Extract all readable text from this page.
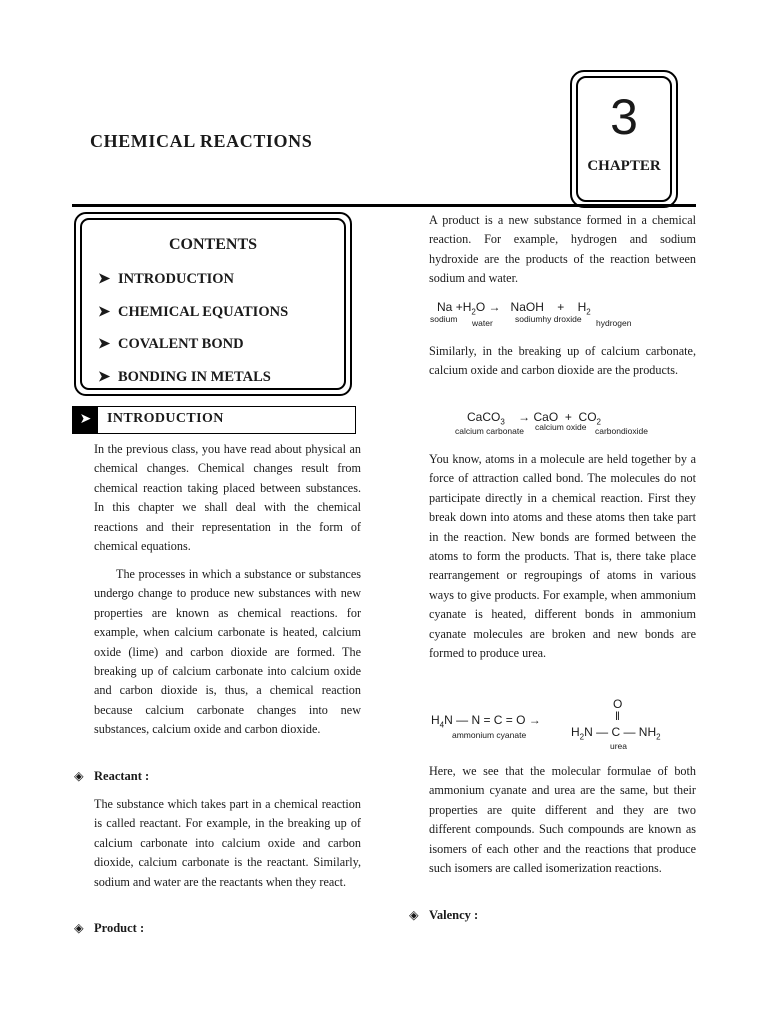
CHEMICAL REACTIONS	3
CHAPTER
CONTENTS
➤ INTRODUCTION
➤ CHEMICAL EQUATIONS
➤ COVALENT BOND
➤ BONDING IN METALS
➤	INTRODUCTION
In the previous class, you have read about physical an chemical changes. Chemical changes result from chemical reaction taking placed between substances. In this chapter we shall deal with the chemical reactions and their representation in the form of chemical equations.
The processes in which a substance or substances undergo change to produce new substances with new properties are known as chemical reactions. for example, when calcium carbonate is heated, calcium oxide (lime) and carbon dioxide are formed. The breaking up of calcium carbonate into calcium oxide and carbon dioxide is, thus, a chemical reaction because calcium carbonate changes into new substances, calcium oxide and carbon dioxide.
◈ Reactant :
The substance which takes part in a chemical reaction is called reactant. For example, in the breaking up of calcium carbonate into calcium oxide and carbon dioxide, calcium carbonate is the reactant. Similarly, sodium and water are the reactants when they react.
◈ Product :
A product is a new substance formed in a chemical reaction. For example, hydrogen and sodium hydroxide are the products of the reaction between sodium and water.
$Na +H_2O$ → NaOH + $H_2$
sodium water	sodiumhy droxide hydrogen
Similarly, in the breaking up of calcium carbonate, calcium oxide and carbon dioxide are the products.
CaCO$_3$ → CaO + $CO_2$
calcium carbonate calcium oxide carbondioxide
You know, atoms in a molecule are held together by a force of attraction called bond. The molecules do not participate directly in a chemical reaction. First they break down into atoms and these atoms then take part in the reaction. New bonds are formed between the atoms to form the products. That is, there take place rearrangement or regroupings of atoms in various ways to give products. For example, when ammonium cyanate is heated, different bonds in ammonium cyanate molecules are broken and new bonds are formed to produce urea.
$H_4N$ — N = C = O →
ammonium cyanate
O
‖
$H_2N$ — C — $NH_2$
urea
Here, we see that the molecular formulae of both ammonium cyanate and urea are the same, but their properties are quite different and they are two different compounds. Such compounds are known as isomers of each other and the reactions that produce such isomers are called isomerization reactions.
◈ Valency :
